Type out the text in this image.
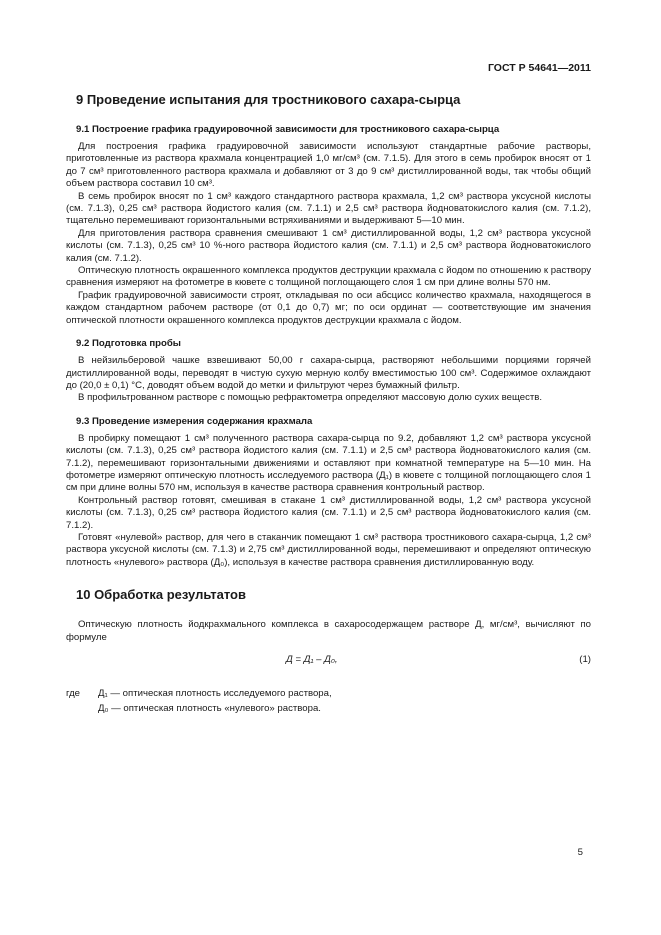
ГОСТ Р 54641—2011
9 Проведение испытания для тростникового сахара-сырца
9.1 Построение графика градуировочной зависимости для тростникового сахара-сырца

Для построения графика градуировочной зависимости используют стандартные рабочие растворы, приготовленные из раствора крахмала концентрацией 1,0 мг/см³ (см. 7.1.5). Для этого в семь пробирок вносят от 1 до 7 см³ приготовленного раствора крахмала и добавляют от 3 до 9 см³ дистиллированной воды, так чтобы общий объем раствора составил 10 см³.

В семь пробирок вносят по 1 см³ каждого стандартного раствора крахмала, 1,2 см³ раствора уксусной кислоты (см. 7.1.3), 0,25 см³ раствора йодистого калия (см. 7.1.1) и 2,5 см³ раствора йодноватокислого калия (см. 7.1.2), тщательно перемешивают горизонтальными встряхиваниями и выдерживают 5—10 мин.

Для приготовления раствора сравнения смешивают 1 см³ дистиллированной воды, 1,2 см³ раствора уксусной кислоты (см. 7.1.3), 0,25 см³ 10 %-ного раствора йодистого калия (см. 7.1.1) и 2,5 см³ раствора йодноватокислого калия (см. 7.1.2).

Оптическую плотность окрашенного комплекса продуктов деструкции крахмала с йодом по отношению к раствору сравнения измеряют на фотометре в кювете с толщиной поглощающего слоя 1 см при длине волны 570 нм.

График градуировочной зависимости строят, откладывая по оси абсцисс количество крахмала, находящегося в каждом стандартном рабочем растворе (от 0,1 до 0,7) мг; по оси ординат — соответствующие им значения оптической плотности окрашенного комплекса продуктов деструкции крахмала с йодом.

9.2 Подготовка пробы

В нейзильберовой чашке взвешивают 50,00 г сахара-сырца, растворяют небольшими порциями горячей дистиллированной воды, переводят в чистую сухую мерную колбу вместимостью 100 см³. Содержимое охлаждают до (20,0 ± 0,1) °С, доводят объем водой до метки и фильтруют через бумажный фильтр.

В профильтрованном растворе с помощью рефрактометра определяют массовую долю сухих веществ.

9.3 Проведение измерения содержания крахмала

В пробирку помещают 1 см³ полученного раствора сахара-сырца по 9.2, добавляют 1,2 см³ раствора уксусной кислоты (см. 7.1.3), 0,25 см³ раствора йодистого калия (см. 7.1.1) и 2,5 см³ раствора йодноватокислого калия (см. 7.1.2), перемешивают горизонтальными движениями и оставляют при комнатной температуре на 5—10 мин. На фотометре измеряют оптическую плотность исследуемого раствора (Д₁) в кювете с толщиной поглощающего слоя 1 см при длине волны 570 нм, используя в качестве раствора сравнения контрольный раствор.

Контрольный раствор готовят, смешивая в стакане 1 см³ дистиллированной воды, 1,2 см³ раствора уксусной кислоты (см. 7.1.3), 0,25 см³ раствора йодистого калия (см. 7.1.1) и 2,5 см³ раствора йодноватокислого калия (см. 7.1.2).

Готовят «нулевой» раствор, для чего в стаканчик помещают 1 см³ раствора тростникового сахара-сырца, 1,2 см³ раствора уксусной кислоты (см. 7.1.3) и 2,75 см³ дистиллированной воды, перемешивают и определяют оптическую плотность «нулевого» раствора (Д₀), используя в качестве раствора сравнения дистиллированную воду.

10 Обработка результатов

Оптическую плотность йодкрахмального комплекса в сахаросодержащем растворе Д, мг/см³, вычисляют по формуле

Д = Д₁ – Д₀,	(1)
где	Д₁ — оптическая плотность исследуемого раствора,
Д₀ — оптическая плотность «нулевого» раствора.
5
